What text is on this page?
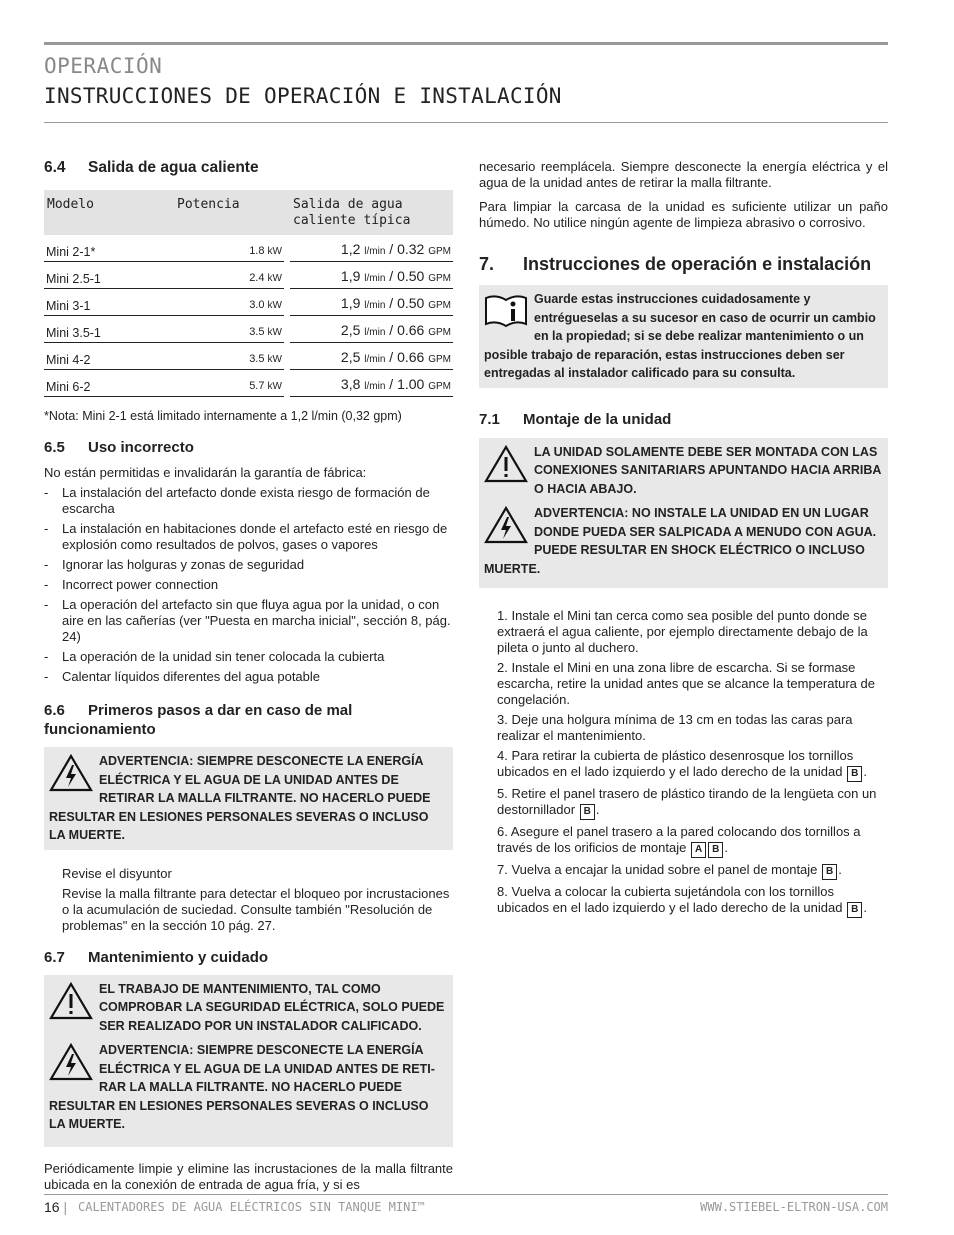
OPERACIÓN
INSTRUCCIONES DE OPERACIÓN E INSTALACIÓN
6.4 Salida de agua caliente
Modelo	Potencia		Salida de agua
caliente típica
Mini 2-1*	1.8 kW		1,2 l/min / 0.32 GPM
Mini 2.5-1	2.4 kW		1,9 l/min / 0.50 GPM
Mini 3-1	3.0 kW		1,9 l/min / 0.50 GPM
Mini 3.5-1	3.5 kW		2,5 l/min / 0.66 GPM
Mini 4-2	3.5 kW		2,5 l/min / 0.66 GPM
Mini 6-2	5.7 kW		3,8 l/min / 1.00 GPM

*Nota: Mini 2-1 está limitado internamente a 1,2 l/min (0,32 gpm)

6.5 Uso incorrecto

No están permitidas e invalidarán la garantía de fábrica:

- La instalación del artefacto donde exista riesgo de formación de escarcha
- La instalación en habitaciones donde el artefacto esté en riesgo de explosión como resultados de polvos, gases o vapores
- Ignorar las holguras y zonas de seguridad
- Incorrect power connection
- La operación del artefacto sin que fluya agua por la unidad, o con aire en las cañerías (ver "Puesta en marcha inicial", sección 8, pág. 24)
- La operación de la unidad sin tener colocada la cubierta
- Calentar líquidos diferentes del agua potable
6.6 Primeros pasos a dar en caso de mal funcionamiento
ADVERTENCIA: SIEMPRE DESCONECTE LA ENERGÍA ELÉCTRICA Y EL AGUA DE LA UNIDAD ANTES DE RETIRAR LA MALLA FILTRANTE. NO HACERLO PUEDE RESULTAR EN LESIONES PERSONALES SEVERAS O INCLUSO LA MUERTE.

Revise el disyuntor

Revise la malla filtrante para detectar el bloqueo por incrustaciones o la acumulación de suciedad. Consulte también "Resolución de problemas" en la sección 10 pág. 27.

6.7 Mantenimiento y cuidado
EL TRABAJO DE MANTENIMIENTO, TAL COMO COMPROBAR LA SEGURIDAD ELÉCTRICA, SOLO PUEDE SER REALIZADO POR UN INSTALADOR CALIFICADO.
ADVERTENCIA: SIEMPRE DESCONECTE LA ENERGÍA ELÉCTRICA Y EL AGUA DE LA UNIDAD ANTES DE RETI-RAR LA MALLA FILTRANTE. NO HACERLO PUEDE RESULTAR EN LESIONES PERSONALES SEVERAS O INCLUSO LA MUERTE.

Periódicamente limpie y elimine las incrustaciones de la malla filtrante ubicada en la conexión de entrada de agua fría, y si es

necesario reemplácela. Siempre desconecte la energía eléctrica y el agua de la unidad antes de retirar la malla filtrante.

Para limpiar la carcasa de la unidad es suficiente utilizar un paño húmedo. No utilice ningún agente de limpieza abrasivo o corrosivo.

7. Instrucciones de operación e instalación
Guarde estas instrucciones cuidadosamente y entrégueselas a su sucesor en caso de ocurrir un cambio en la propiedad; si se debe realizar mantenimiento o un posible trabajo de reparación, estas instrucciones deben ser entregadas al instalador calificado para su consulta.
7.1 Montaje de la unidad
LA UNIDAD SOLAMENTE DEBE SER MONTADA CON LAS CONEXIONES SANITARIARS APUNTANDO HACIA ARRIBA O HACIA ABAJO.
ADVERTENCIA: NO INSTALE LA UNIDAD EN UN LUGAR DONDE PUEDA SER SALPICADA A MENUDO CON AGUA. PUEDE RESULTAR EN SHOCK ELÉCTRICO O INCLUSO MUERTE.

1. Instale el Mini tan cerca como sea posible del punto donde se extraerá el agua caliente, por ejemplo directamente debajo de la pileta o junto al duchero.

2. Instale el Mini en una zona libre de escarcha. Si se formase escarcha, retire la unidad antes que se alcance la temperatura de congelación.

3. Deje una holgura mínima de 13 cm en todas las caras para realizar el mantenimiento.

4. Para retirar la cubierta de plástico desenrosque los tornillos ubicados en el lado izquierdo y el lado derecho de la unidad B .

5. Retire el panel trasero de plástico tirando de la lengüeta con un destornillador B .

6. Asegure el panel trasero a la pared colocando dos tornillos a través de los orificios de montaje A B .

7. Vuelva a encajar la unidad sobre el panel de montaje B .

8. Vuelva a colocar la cubierta sujetándola con los tornillos ubicados en el lado izquierdo y el lado derecho de la unidad B .

16 | CALENTADORES DE AGUA ELÉCTRICOS SIN TANQUE MINI™	WWW.STIEBEL-ELTRON-USA.COM
